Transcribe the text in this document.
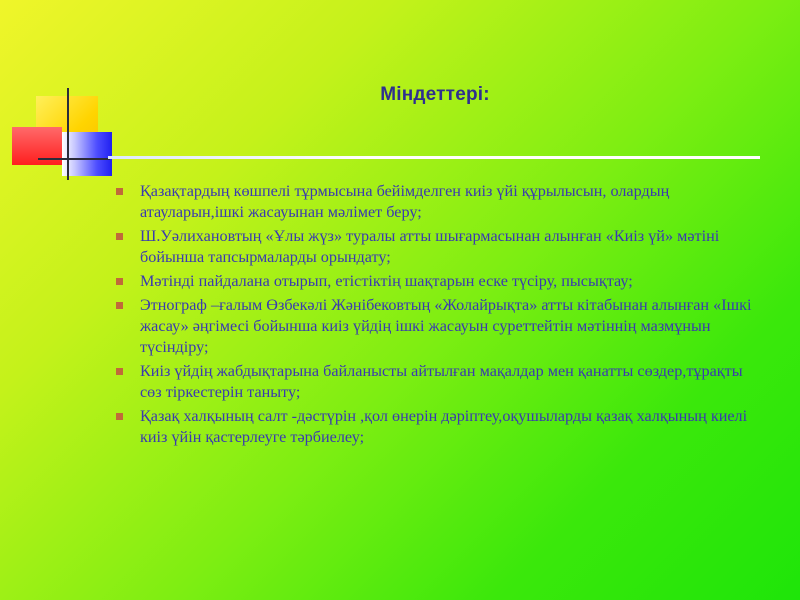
Міндеттері:
Қазақтардың көшпелі тұрмысына бейімделген киіз үйі құрылысын, олардың атауларын,ішкі жасауынан мәлімет беру;
Ш.Уәлихановтың «Ұлы жүз» туралы атты шығармасынан алынған «Киіз үй» мәтіні бойынша тапсырмаларды орындату;
Мәтінді пайдалана отырып, етістіктің шақтарын еске түсіру, пысықтау;
Этнограф –ғалым Өзбекәлі Жәнібековтың «Жолайрықта» атты кітабынан алынған «Ішкі жасау» әңгімесі бойынша киіз үйдің ішкі жасауын суреттейтін мәтіннің мазмұнын түсіндіру;
Киіз үйдің жабдықтарына байланысты айтылған мақалдар мен қанатты сөздер,тұрақты сөз тіркестерін таныту;
Қазақ халқының салт -дәстүрін ,қол өнерін дәріптеу,оқушыларды қазақ халқының киелі киіз үйін қастерлеуге тәрбиелеу;
